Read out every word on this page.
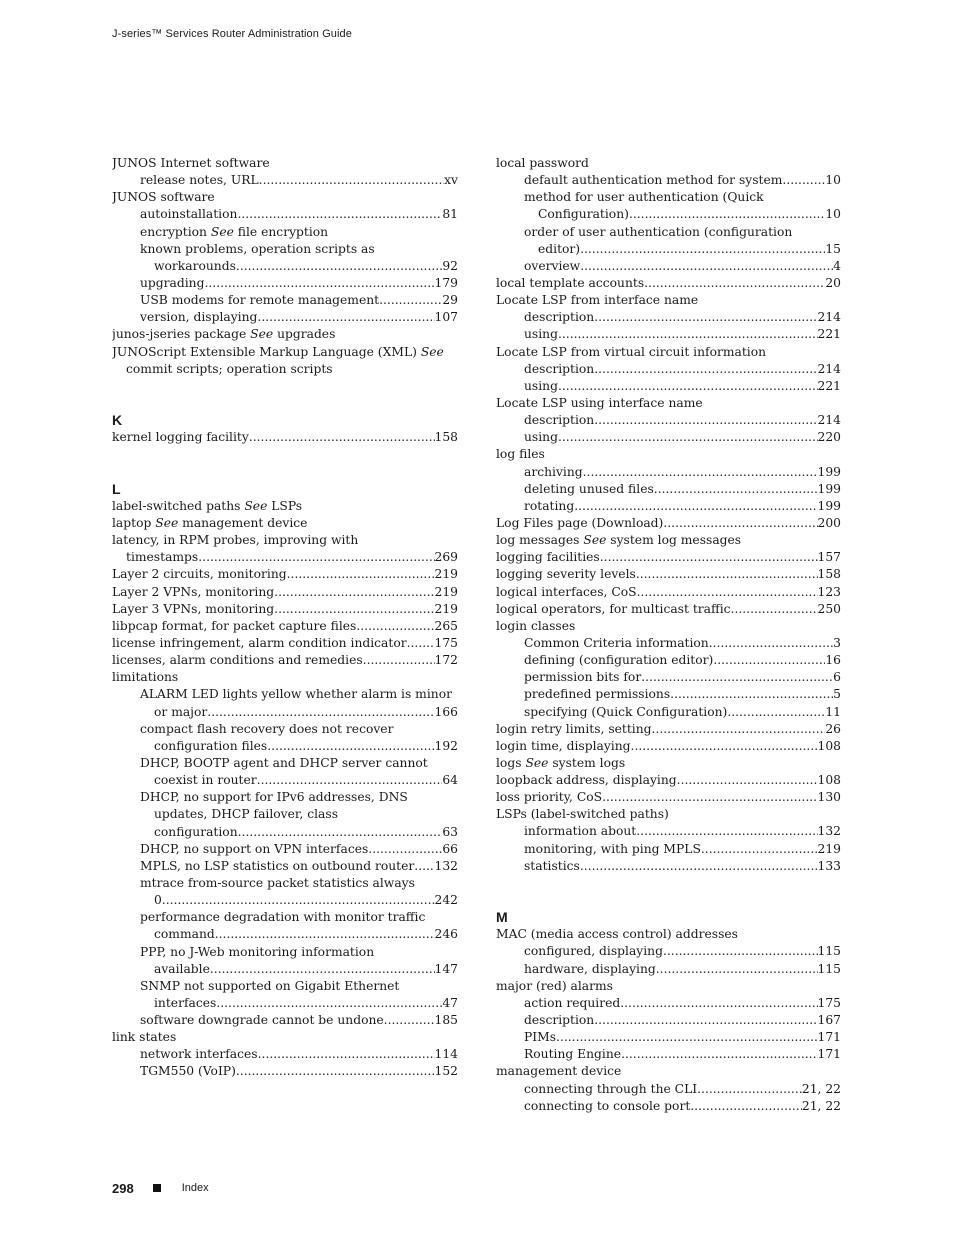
J-series™ Services Router Administration Guide
JUNOS Internet software
release notes, URL .....	xv
JUNOS software
autoinstallation .....	81
encryption See file encryption
known problems, operation scripts as
workarounds .....	92
upgrading .....	179
USB modems for remote management .....	29
version, displaying .....	107
junos-jseries package See upgrades
JUNOScript Extensible Markup Language (XML) See
commit scripts; operation scripts
K
kernel logging facility .....	158
L
label-switched paths See LSPs
laptop See management device
latency, in RPM probes, improving with
timestamps .....	269
Layer 2 circuits, monitoring .....	219
Layer 2 VPNs, monitoring .....	219
Layer 3 VPNs, monitoring .....	219
libpcap format, for packet capture files .....	265
license infringement, alarm condition indicator ..... 175
licenses, alarm conditions and remedies .....	172
limitations
ALARM LED lights yellow whether alarm is minor
or major .....	166
compact flash recovery does not recover
configuration files .....	192
DHCP, BOOTP agent and DHCP server cannot
coexist in router .....	64
DHCP, no support for IPv6 addresses, DNS
updates, DHCP failover, class
configuration .....	63
DHCP, no support on VPN interfaces .....	66
MPLS, no LSP statistics on outbound router ..... 132
mtrace from-source packet statistics always
0 .....	242
performance degradation with monitor traffic
command .....	246
PPP, no J-Web monitoring information
available .....	147
SNMP not supported on Gigabit Ethernet
interfaces .....	47
software downgrade cannot be undone .....	185
link states
network interfaces .....	114
TGM550 (VoIP) .....	152
local password
default authentication method for system .....	10
method for user authentication (Quick
Configuration) .....	10
order of user authentication (configuration
editor) .....	15
overview .....	4
local template accounts .....	20
Locate LSP from interface name
description .....	214
using .....	221
Locate LSP from virtual circuit information
description .....	214
using .....	221
Locate LSP using interface name
description .....	214
using .....	220
log files
archiving .....	199
deleting unused files .....	199
rotating .....	199
Log Files page (Download) .....	200
log messages See system log messages
logging facilities .....	157
logging severity levels .....	158
logical interfaces, CoS .....	123
logical operators, for multicast traffic .....	250
login classes
Common Criteria information .....	3
defining (configuration editor) .....	16
permission bits for .....	6
predefined permissions .....	5
specifying (Quick Configuration) .....	11
login retry limits, setting .....	26
login time, displaying .....	108
logs See system logs
loopback address, displaying .....	108
loss priority, CoS .....	130
LSPs (label-switched paths)
information about .....	132
monitoring, with ping MPLS .....	219
statistics .....	133
M
MAC (media access control) addresses
configured, displaying .....	115
hardware, displaying .....	115
major (red) alarms
action required .....	175
description .....	167
PIMs .....	171
Routing Engine .....	171
management device
connecting through the CLI .....	21, 22
connecting to console port .....	21, 22
298	Index
